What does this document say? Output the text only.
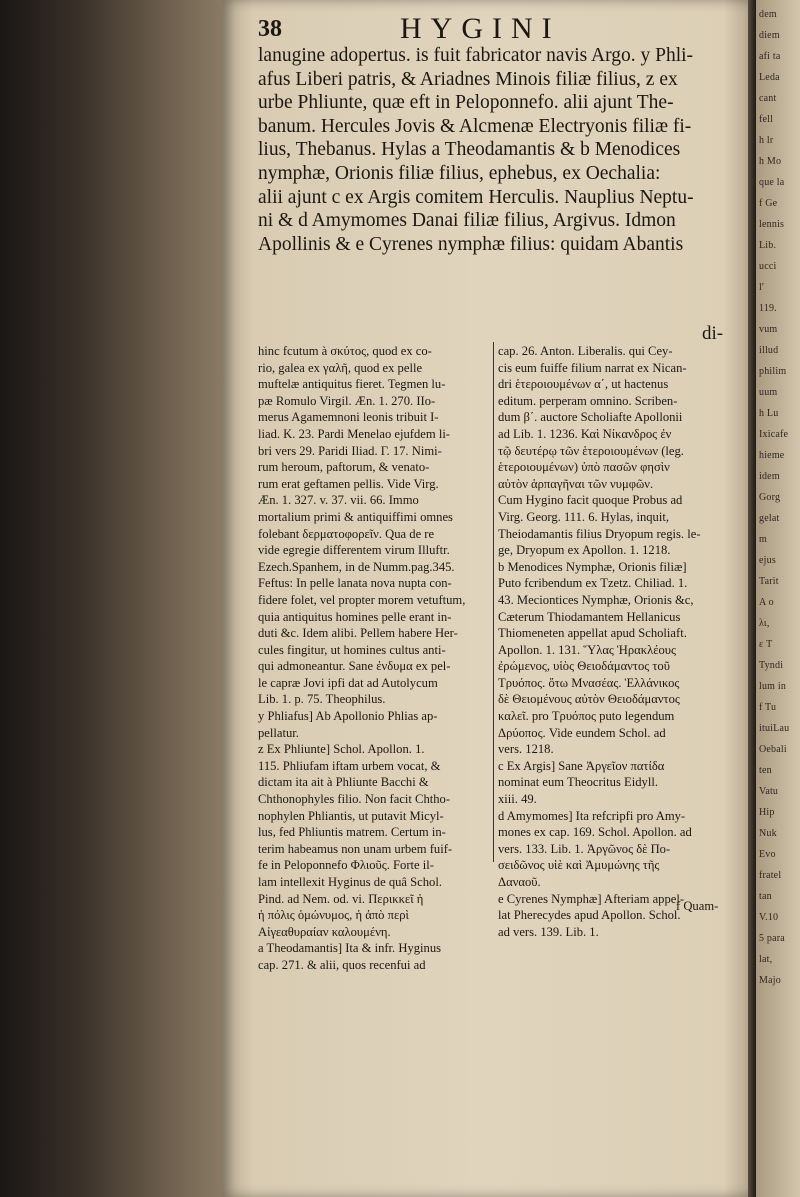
dem
diem
afi ta
Leda
cant
fell
h lr
h Mo
que la
f Ge
lennis
Lib.
ucci
l'
119.
vum
illud
philim
uum
h Lu
Ixicafe
hieme
idem
Gorg
gelat
m
ejus
Tarit
A o
λι,
ε T
Tyndi
lum in
f Tu
ituiLau
Oebali
ten
Vatu
Hip
Nuk
Evo
fratel
tan
V.10
5 para
lat,
Majo
38	HYGINI
lanugine adopertus. is fuit fabricator navis Argo. y Phli-
afus Liberi patris, & Ariadnes Minois filiæ filius, z ex
urbe Phliunte, quæ eft in Peloponnefo. alii ajunt The-
banum. Hercules Jovis & Alcmenæ Electryonis filiæ fi-
lius, Thebanus. Hylas a Theodamantis & b Menodices
nymphæ, Orionis filiæ filius, ephebus, ex Oechalia:
alii ajunt c ex Argis comitem Herculis. Nauplius Neptu-
ni & d Amymomes Danai filiæ filius, Argivus. Idmon
Apollinis & e Cyrenes nymphæ filius: quidam Abantis
di-
hinc fcutum à σκύτος, quod ex co-
rio, galea ex γαλῆ, quod ex pelle
muftelæ antiquitus fieret. Tegmen lu-
pæ Romulo Virgil. Æn. 1. 270. IIo-
merus Agamemnoni leonis tribuit I-
liad. K. 23. Pardi Menelao ejufdem li-
bri vers 29. Paridi Iliad. Γ. 17. Nimi-
rum heroum, paftorum, & venato-
rum erat geftamen pellis. Vide Virg.
Æn. 1. 327. v. 37. vii. 66. Immo
mortalium primi & antiquiffimi omnes
folebant δερματοφορεῖν. Qua de re
vide egregie differentem virum Illuftr.
Ezech.Spanhem, in de Numm.pag.345.
Feftus: In pelle lanata nova nupta con-
fidere folet, vel propter morem vetuftum,
quia antiquitus homines pelle erant in-
duti &c. Idem alibi. Pellem habere Her-
cules fingitur, ut homines cultus anti-
qui admoneantur. Sane ἐνδυμα ex pel-
le capræ Jovi ipfi dat ad Autolycum
Lib. 1. p. 75. Theophilus.
y Phliafus] Ab Apollonio Phlias ap-
pellatur.
z Ex Phliunte] Schol. Apollon. 1.
115. Phliufam iftam urbem vocat, &
dictam ita ait à Phliunte Bacchi &
Chthonophyles filio. Non facit Chtho-
nophylen Phliantis, ut putavit Micyl-
lus, fed Phliuntis matrem. Certum in-
terim habeamus non unam urbem fuif-
fe in Peloponnefo Φλιοῦς. Forte il-
lam intellexit Hyginus de quâ Schol.
Pind. ad Nem. od. vi. Περικκεῖ ἡ
ἡ πόλις ὁμώνυμος, ἡ ἀπὸ περὶ
Αἰγεαθυραίαν καλουμένη.
a Theodamantis] Ita & infr. Hyginus
cap. 271. & alii, quos recenfui ad
cap. 26. Anton. Liberalis. qui Cey-
cis eum fuiffe filium narrat ex Nican-
dri ἑτεροιουμένων α΄, ut hactenus
editum. perperam omnino. Scriben-
dum β΄. auctore Scholiafte Apollonii
ad Lib. 1. 1236. Καὶ Νίκανδρος ἐν
τῷ δευτέρῳ τῶν ἑτεροιουμένων (leg.
ἑτεροιουμένων) ὑπὸ πασῶν φησὶν
αὐτὸν ἁρπαγῆναι τῶν νυμφῶν.
Cum Hygino facit quoque Probus ad
Virg. Georg. 111. 6. Hylas, inquit,
Theiodamantis filius Dryopum regis. le-
ge, Dryopum ex Apollon. 1. 1218.
b Menodices Nymphæ, Orionis filiæ]
Puto fcribendum ex Tzetz. Chiliad. 1.
43. Meciontices Nymphæ, Orionis &c,
Cæterum Thiodamantem Hellanicus
Thiomeneten appellat apud Scholiaft.
Apollon. 1. 131. Ὕλας Ἡρακλέους
ἐρώμενος, υἱὸς Θειοδάμαντος τοῦ
Τρυόπος. ὅτω Μνασέας. Ἑλλάνικος
δὲ Θειομένους αὐτὸν Θειοδάμαντος
καλεῖ. pro Τρυόπος puto legendum
Δρύοπος. Vide eundem Schol. ad
vers. 1218.
c Ex Argis] Sane Ἀργεῖον πατίδα
nominat eum Theocritus Eidyll.
xiii. 49.
d Amymomes] Ita refcripfi pro Amy-
mones ex cap. 169. Schol. Apollon. ad
vers. 133. Lib. 1. Ἀργῶνος δὲ Πο-
σειδῶνος υἱὲ καὶ Ἀμυμώνης τῆς
Δαναοῦ.
e Cyrenes Nymphæ] Afteriam appel-
lat Pherecydes apud Apollon. Schol.
ad vers. 139. Lib. 1.
f Quam-
